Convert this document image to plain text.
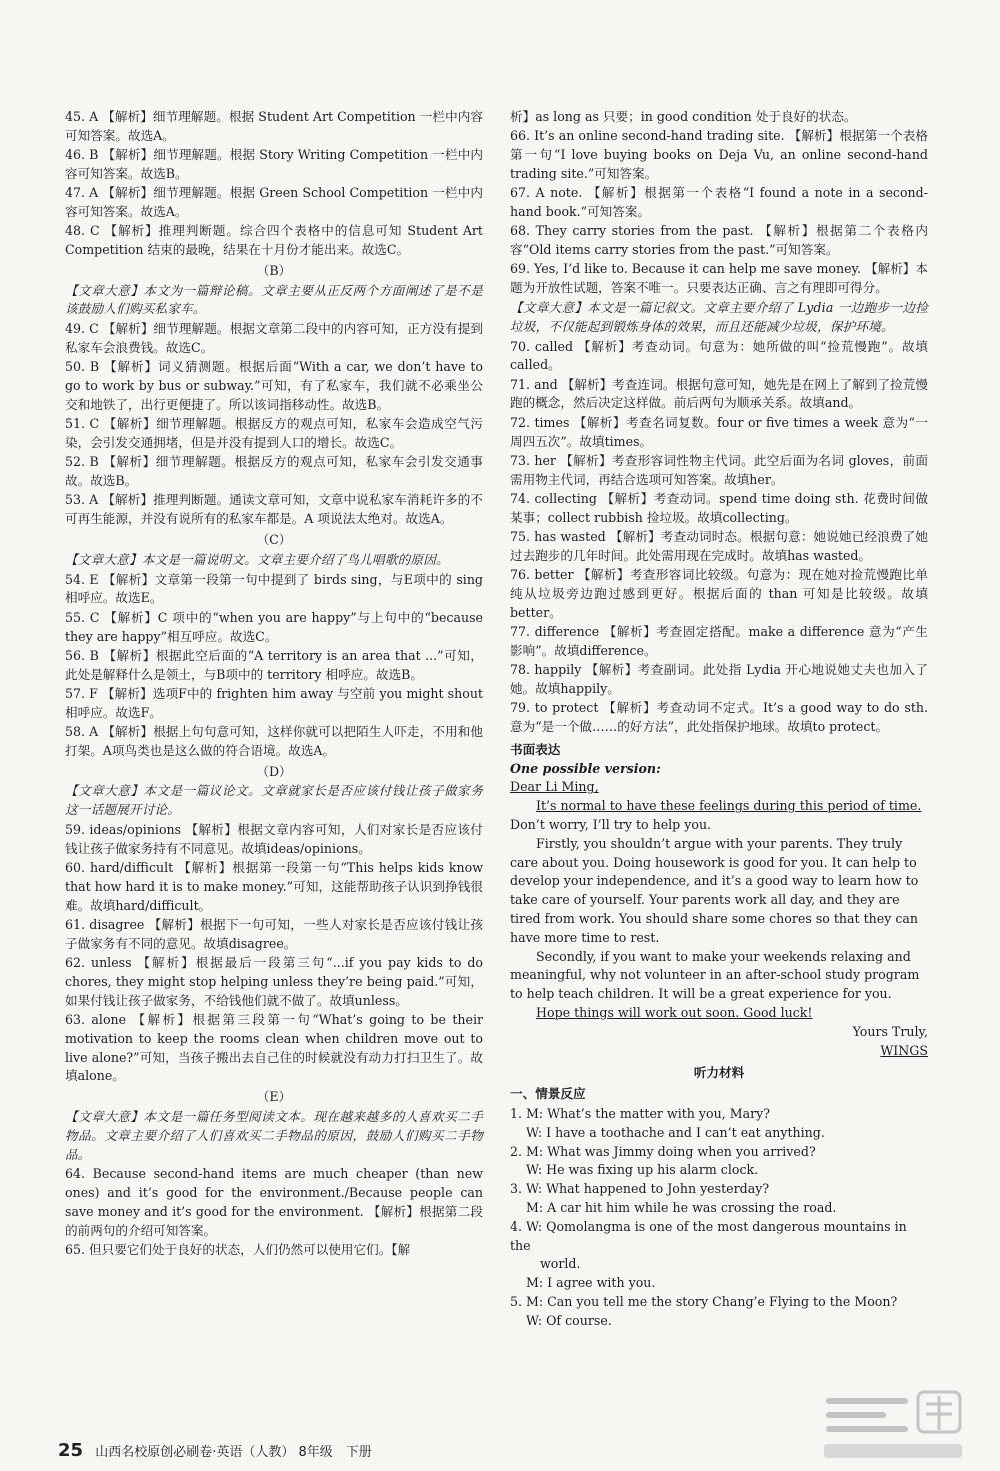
45. A 【解析】细节理解题。根据 Student Art Competition 一栏中内容可知答案。故选A。
46. B 【解析】细节理解题。根据 Story Writing Competition 一栏中内容可知答案。故选B。
47. A 【解析】细节理解题。根据 Green School Competition 一栏中内容可知答案。故选A。
48. C 【解析】推理判断题。综合四个表格中的信息可知 Student Art Competition 结束的最晚，结果在十月份才能出来。故选C。
（B）
【文章大意】本文为一篇辩论稿。文章主要从正反两个方面阐述了是不是该鼓励人们购买私家车。
49. C 【解析】细节理解题。根据文章第二段中的内容可知，正方没有提到私家车会浪费钱。故选C。
50. B 【解析】词义猜测题。根据后面“With a car, we don’t have to go to work by bus or subway.”可知，有了私家车，我们就不必乘坐公交和地铁了，出行更便捷了。所以该词指移动性。故选B。
51. C 【解析】细节理解题。根据反方的观点可知，私家车会造成空气污染，会引发交通拥堵，但是并没有提到人口的增长。故选C。
52. B 【解析】细节理解题。根据反方的观点可知，私家车会引发交通事故。故选B。
53. A 【解析】推理判断题。通读文章可知，文章中说私家车消耗许多的不可再生能源，并没有说所有的私家车都是。A 项说法太绝对。故选A。
（C）
【文章大意】本文是一篇说明文。文章主要介绍了鸟儿唱歌的原因。
54. E 【解析】文章第一段第一句中提到了 birds sing，与E项中的 sing 相呼应。故选E。
55. C 【解析】C 项中的“when you are happy”与上句中的“because they are happy”相互呼应。故选C。
56. B 【解析】根据此空后面的“A territory is an area that ...”可知，此处是解释什么是领土，与B项中的 territory 相呼应。故选B。
57. F 【解析】选项F中的 frighten him away 与空前 you might shout 相呼应。故选F。
58. A 【解析】根据上句句意可知，这样你就可以把陌生人吓走，不用和他打架。A项鸟类也是这么做的符合语境。故选A。
（D）
【文章大意】本文是一篇议论文。文章就家长是否应该付钱让孩子做家务这一话题展开讨论。
59. ideas/opinions 【解析】根据文章内容可知，人们对家长是否应该付钱让孩子做家务持有不同意见。故填ideas/opinions。
60. hard/difficult 【解析】根据第一段第一句“This helps kids know that how hard it is to make money.”可知，这能帮助孩子认识到挣钱很难。故填hard/difficult。
61. disagree 【解析】根据下一句可知，一些人对家长是否应该付钱让孩子做家务有不同的意见。故填disagree。
62. unless 【解析】根据最后一段第三句“...if you pay kids to do chores, they might stop helping unless they’re being paid.”可知，如果付钱让孩子做家务，不给钱他们就不做了。故填unless。
63. alone 【解析】根据第三段第一句“What’s going to be their motivation to keep the rooms clean when children move out to live alone?”可知，当孩子搬出去自己住的时候就没有动力打扫卫生了。故填alone。
（E）
【文章大意】本文是一篇任务型阅读文本。现在越来越多的人喜欢买二手物品。文章主要介绍了人们喜欢买二手物品的原因，鼓励人们购买二手物品。
64. Because second-hand items are much cheaper (than new ones) and it’s good for the environment./Because people can save money and it’s good for the environment. 【解析】根据第二段的前两句的介绍可知答案。
65. 但只要它们处于良好的状态，人们仍然可以使用它们。【解
析】as long as 只要；in good condition 处于良好的状态。
66. It’s an online second-hand trading site. 【解析】根据第一个表格第一句“I love buying books on Deja Vu, an online second-hand trading site.”可知答案。
67. A note. 【解析】根据第一个表格“I found a note in a second-hand book.”可知答案。
68. They carry stories from the past. 【解析】根据第二个表格内容“Old items carry stories from the past.”可知答案。
69. Yes, I’d like to. Because it can help me save money. 【解析】本题为开放性试题，答案不唯一。只要表达正确、言之有理即可得分。
【文章大意】本文是一篇记叙文。文章主要介绍了 Lydia 一边跑步一边捡垃圾，不仅能起到锻炼身体的效果，而且还能减少垃圾，保护环境。
70. called 【解析】考查动词。句意为：她所做的叫“捡荒慢跑”。故填called。
71. and 【解析】考查连词。根据句意可知，她先是在网上了解到了捡荒慢跑的概念，然后决定这样做。前后两句为顺承关系。故填and。
72. times 【解析】考查名词复数。four or five times a week 意为“一周四五次”。故填times。
73. her 【解析】考查形容词性物主代词。此空后面为名词 gloves，前面需用物主代词，再结合选项可知答案。故填her。
74. collecting 【解析】考查动词。spend time doing sth. 花费时间做某事；collect rubbish 捡垃圾。故填collecting。
75. has wasted 【解析】考查动词时态。根据句意：她说她已经浪费了她过去跑步的几年时间。此处需用现在完成时。故填has wasted。
76. better 【解析】考查形容词比较级。句意为：现在她对捡荒慢跑比单纯从垃圾旁边跑过感到更好。根据后面的 than 可知是比较级。故填better。
77. difference 【解析】考查固定搭配。make a difference 意为“产生影响”。故填difference。
78. happily 【解析】考查副词。此处指 Lydia 开心地说她丈夫也加入了她。故填happily。
79. to protect 【解析】考查动词不定式。It’s a good way to do sth. 意为“是一个做……的好方法”，此处指保护地球。故填to protect。
书面表达
One possible version:
Dear Li Ming,

It’s normal to have these feelings during this period of time. Don’t worry, I’ll try to help you.

Firstly, you shouldn’t argue with your parents. They truly care about you. Doing housework is good for you. It can help to develop your independence, and it’s a good way to learn how to take care of yourself. Your parents work all day, and they are tired from work. You should share some chores so that they can have more time to rest.

Secondly, if you want to make your weekends relaxing and meaningful, why not volunteer in an after-school study program to help teach children. It will be a great experience for you.

Hope things will work out soon. Good luck!

Yours Truly,

WINGS

听力材料
一、情景反应

1. M: What’s the matter with you, Mary?

W: I have a toothache and I can’t eat anything.

2. M: What was Jimmy doing when you arrived?

W: He was fixing up his alarm clock.

3. W: What happened to John yesterday?

M: A car hit him while he was crossing the road.

4. W: Qomolangma is one of the most dangerous mountains in the

world.

M: I agree with you.

5. M: Can you tell me the story Chang’e Flying to the Moon?

W: Of course.

25 山西名校原创必刷卷·英语（人教） 8年级　下册
